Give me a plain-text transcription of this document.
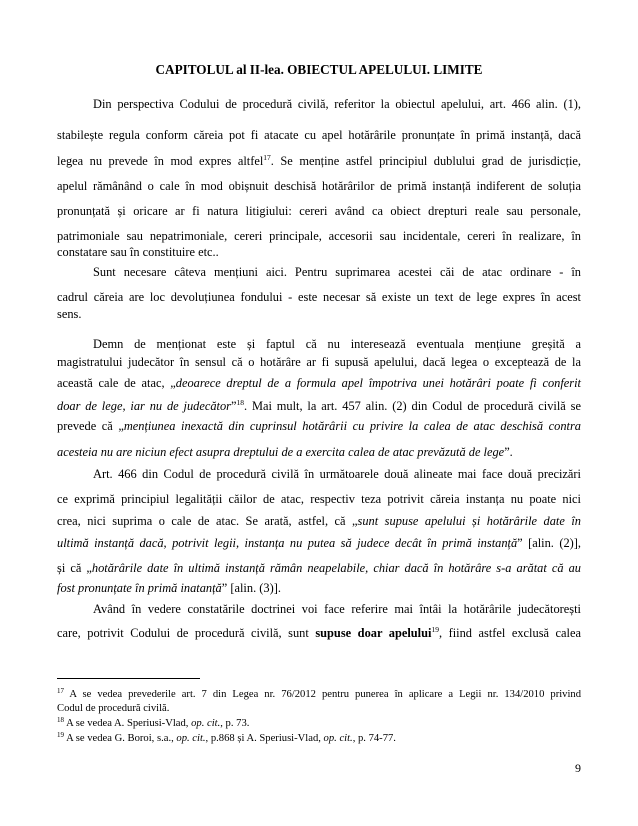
CAPITOLUL al II-lea. OBIECTUL APELULUI. LIMITE
Din perspectiva Codului de procedură civilă, referitor la obiectul apelului, art. 466 alin. (1),
stabilește regula conform căreia pot fi atacate cu apel hotărârile pronunțate în primă instanță, dacă
legea nu prevede în mod expres altfel$^{17}$. Se menține astfel principiul dublului grad de jurisdicție,
apelul rămânând o cale în mod obișnuit deschisă hotărârilor de primă instanță indiferent de soluția
pronunțată și oricare ar fi natura litigiului: cereri având ca obiect drepturi reale sau personale,
patrimoniale sau nepatrimoniale, cereri principale, accesorii sau incidentale, cereri în realizare, în
constatare sau în constituire etc..
Sunt necesare câteva mențiuni aici. Pentru suprimarea acestei căi de atac ordinare - în
cadrul căreia are loc devoluțiunea fondului - este necesar să existe un text de lege expres în acest
sens.
Demn de menționat este și faptul că nu interesează eventuala mențiune greșită a
magistratului judecător în sensul că o hotărâre ar fi supusă apelului, dacă legea o exceptează de la
această cale de atac, „deoarece dreptul de a formula apel împotriva unei hotărâri poate fi conferit
doar de lege, iar nu de judecător”$^{18}$. Mai mult, la art. 457 alin. (2) din Codul de procedură civilă se
prevede că „mențiunea inexactă din cuprinsul hotărârii cu privire la calea de atac deschisă contra
acesteia nu are niciun efect asupra dreptului de a exercita calea de atac prevăzută de lege”.
Art. 466 din Codul de procedură civilă în următoarele două alineate mai face două precizări
ce exprimă principiul legalității căilor de atac, respectiv teza potrivit căreia instanța nu poate nici
crea, nici suprima o cale de atac. Se arată, astfel, că „sunt supuse apelului și hotărârile date în
ultimă instanță dacă, potrivit legii, instanța nu putea să judece decât în primă instanță” [alin. (2)],
și că „hotărârile date în ultimă instanță rămân neapelabile, chiar dacă în hotărâre s-a arătat că au
fost pronunțate în primă inatanță” [alin. (3)].
Având în vedere constatările doctrinei voi face referire mai întâi la hotărârile judecătorești
care, potrivit Codului de procedură civilă, sunt supuse doar apelului$^{19}$, fiind astfel exclusă calea
$^{17}$ A se vedea prevederile art. 7 din Legea nr. 76/2012 pentru punerea în aplicare a Legii nr. 134/2010 privind
Codul de procedură civilă.
$^{18}$ A se vedea A. Speriusi-Vlad, op. cit., p. 73.
$^{19}$ A se vedea G. Boroi, s.a., op. cit., p.868 și A. Speriusi-Vlad, op. cit., p. 74-77.
9
